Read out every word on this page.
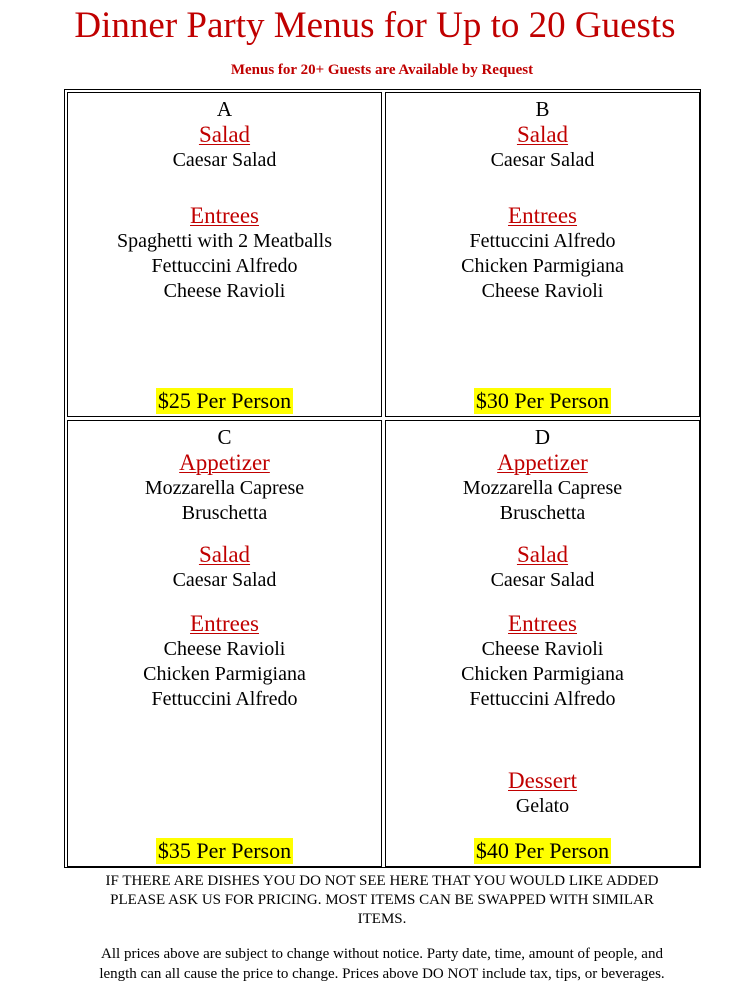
Dinner Party Menus for Up to 20 Guests
Menus for 20+ Guests are Available by Request
A
Salad
Caesar Salad
Entrees
Spaghetti with 2 Meatballs
Fettuccini Alfredo
Cheese Ravioli
$25 Per Person
B
Salad
Caesar Salad
Entrees
Fettuccini Alfredo
Chicken Parmigiana
Cheese Ravioli
$30 Per Person
C
Appetizer
Mozzarella Caprese
Bruschetta
Salad
Caesar Salad
Entrees
Cheese Ravioli
Chicken Parmigiana
Fettuccini Alfredo
$35 Per Person
D
Appetizer
Mozzarella Caprese
Bruschetta
Salad
Caesar Salad
Entrees
Cheese Ravioli
Chicken Parmigiana
Fettuccini Alfredo
Dessert
Gelato
$40 Per Person
IF THERE ARE DISHES YOU DO NOT SEE HERE THAT YOU WOULD LIKE ADDED
PLEASE ASK US FOR PRICING. MOST ITEMS CAN BE SWAPPED WITH SIMILAR
ITEMS.
All prices above are subject to change without notice. Party date, time, amount of people, and
length can all cause the price to change. Prices above DO NOT include tax, tips, or beverages.
